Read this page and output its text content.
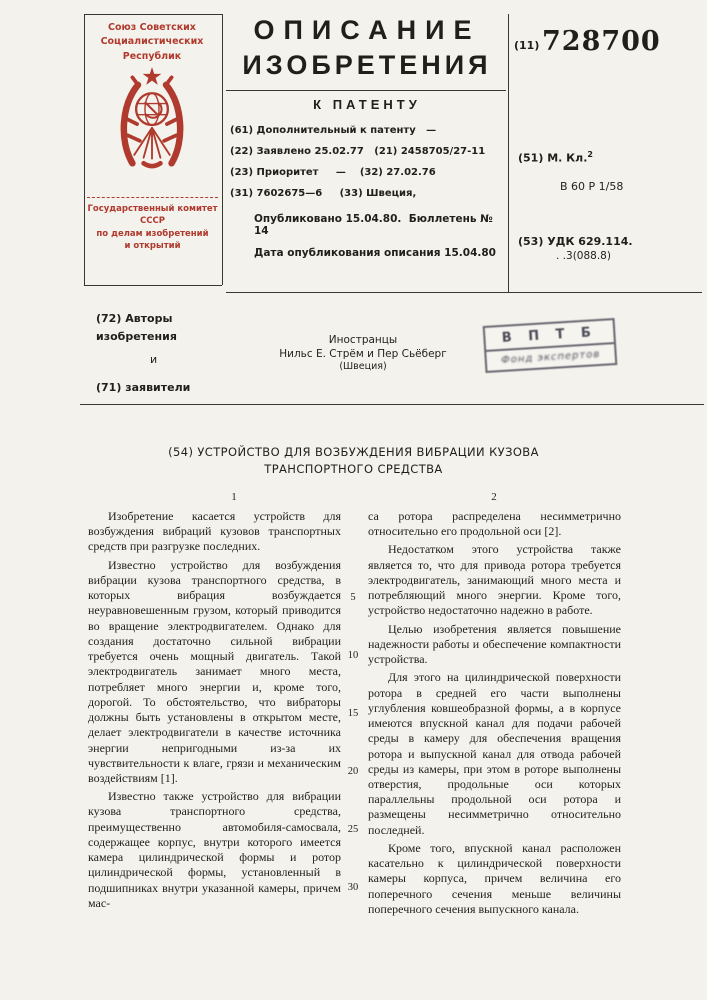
Союз Советских
Социалистических
Республик
Государственный комитет
СССР
по делам изобретений
и открытий
ОПИСАНИЕ
ИЗОБРЕТЕНИЯ
К ПАТЕНТУ
(61) Дополнительный к патенту   —
(22) Заявлено 25.02.77   (21) 2458705/27-11
(23) Приоритет     —    (32) 27.02.76
(31) 7602675—6     (33) Швеция,
Опубликовано 15.04.80.  Бюллетень № 14
Дата опубликования описания 15.04.80
(11) 728700
(51) М. Кл.$^2$
В 60 Р 1/58
(53) УДК 629.114.
. .3(088.8)
(72) Авторы изобретения
и
(71) заявители
Иностранцы
Нильс Е. Стрём и Пер Сьёберг
(Швеция)
В П Т Б
Фонд экспертов
(54) УСТРОЙСТВО ДЛЯ ВОЗБУЖДЕНИЯ ВИБРАЦИИ КУЗОВА
ТРАНСПОРТНОГО СРЕДСТВА
1	2

Изобретение касается устройств для возбуждения вибраций кузовов транспортных средств при разгрузке последних.

Известно устройство для возбуждения вибрации кузова транспортного средства, в которых вибрация возбуждается неуравновешенным грузом, который приводится во вращение электродвигателем. Однако для создания достаточно сильной вибрации требуется очень мощный двигатель. Такой электродвигатель занимает много места, потребляет много энергии и, кроме того, дорогой. То обстоятельство, что вибраторы должны быть установлены в открытом месте, делает электродвигатели в качестве источника энергии непригодными из-за их чувствительности к влаге, грязи и механическим воздействиям [1].

Известно также устройство для вибрации кузова транспортного средства, преимущественно автомобиля-самосвала, содержащее корпус, внутри которого имеется камера цилиндрической формы и ротор цилиндрической формы, установленный в подшипниках внутри указанной камеры, причем мас-

са ротора распределена несимметрично относительно его продольной оси [2].

Недостатком этого устройства также является то, что для привода ротора требуется электродвигатель, занимающий много места и потребляющий много энергии. Кроме того, устройство недостаточно надежно в работе.

Целью изобретения является повышение надежности работы и обеспечение компактности устройства.

Для этого на цилиндрической поверхности ротора в средней его части выполнены углубления ковшеобразной формы, а в корпусе имеются впускной канал для подачи рабочей среды в камеру для обеспечения вращения ротора и выпускной канал для отвода рабочей среды из камеры, при этом в роторе выполнены отверстия, продольные оси которых параллельны продольной оси ротора и размещены несимметрично относительно последней.

Кроме того, впускной канал расположен касательно к цилиндрической поверхности камеры корпуса, причем величина его поперечного сечения меньше величины поперечного сечения выпускного канала.

5
10
15
20
25
30
